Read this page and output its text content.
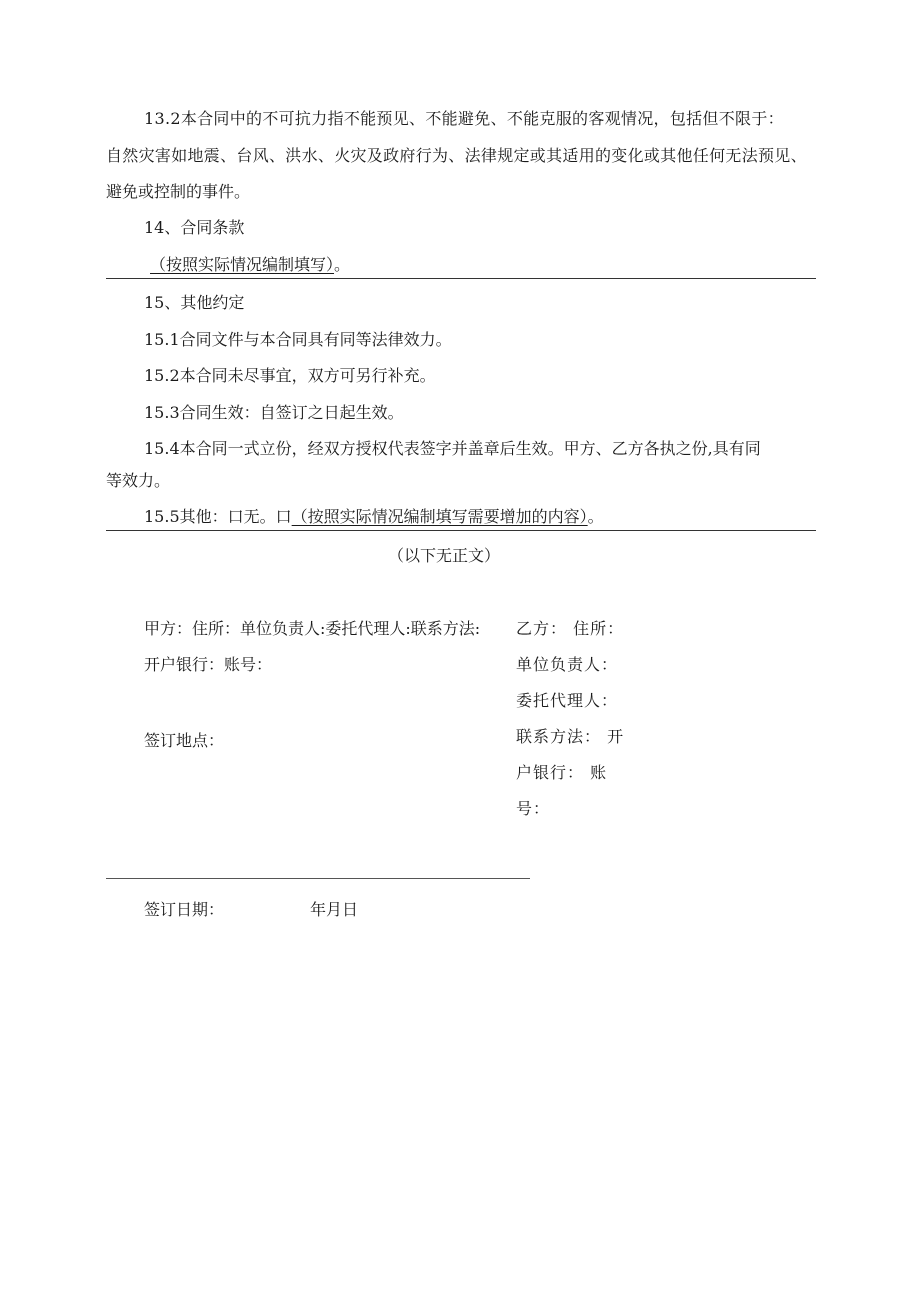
13.2本合同中的不可抗力指不能预见、不能避免、不能克服的客观情况，包括但不限于：
自然灾害如地震、台风、洪水、火灾及政府行为、法律规定或其适用的变化或其他任何无法预见、
避免或控制的事件。
14、合同条款
（按照实际情况编制填写）。
15、其他约定
15.1合同文件与本合同具有同等法律效力。
15.2本合同未尽事宜，双方可另行补充。
15.3合同生效：自签订之日起生效。
15.4本合同一式立份，经双方授权代表签字并盖章后生效。甲方、乙方各执之份,具有同
等效力。
15.5其他：口无。口（按照实际情况编制填写需要增加的内容）。
（以下无正文）
甲方：住所：单位负责人:委托代理人:联系方法:
开户银行：账号：
签订地点：
乙方： 住所： 单位负责人：委托代理人：联系方法： 开户银行： 账号：
签订日期：	年月日
